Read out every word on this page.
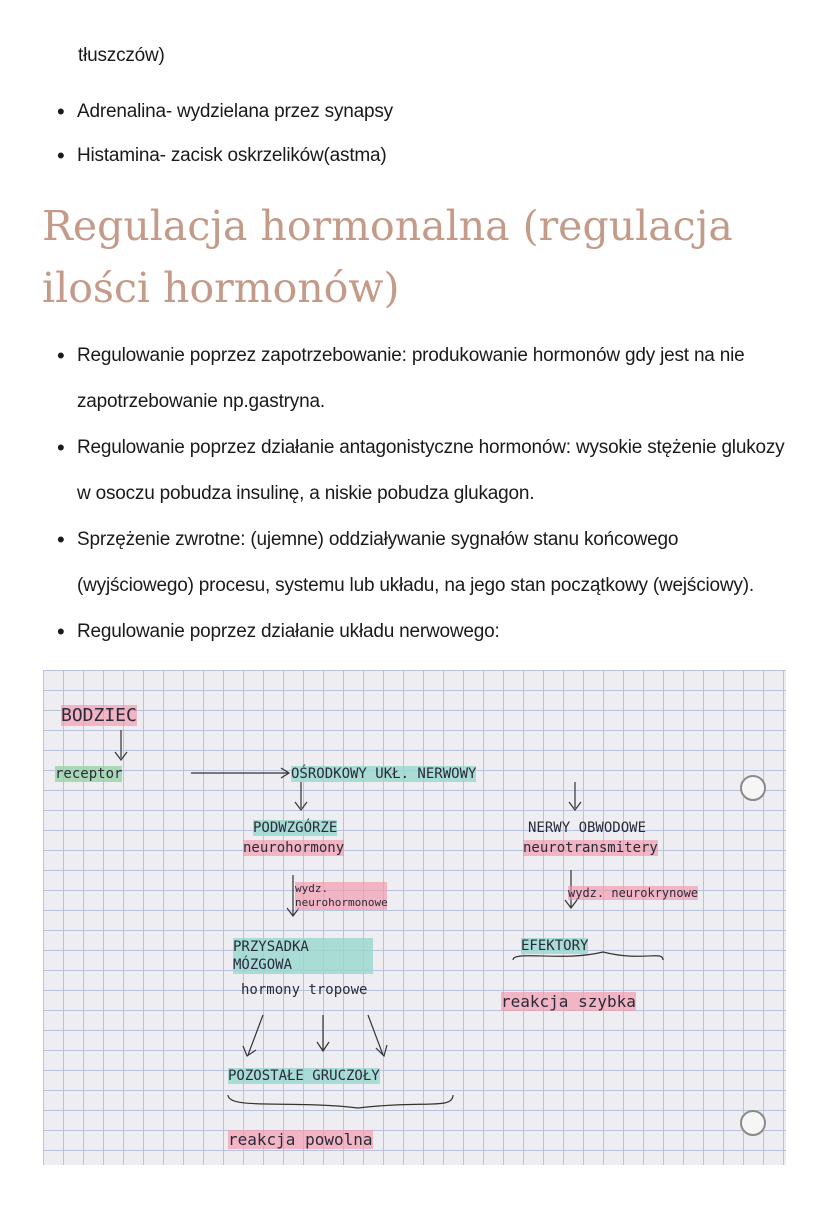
tłuszczów)
• Adrenalina- wydzielana przez synapsy
• Histamina- zacisk oskrzelików(astma)
Regulacja hormonalna (regulacja ilości hormonów)
• Regulowanie poprzez zapotrzebowanie: produkowanie hormonów gdy jest na nie zapotrzebowanie np.gastryna.
• Regulowanie poprzez działanie antagonistyczne hormonów: wysokie stężenie glukozy w osoczu pobudza insulinę, a niskie pobudza glukagon.
• Sprzężenie zwrotne: (ujemne) oddziaływanie sygnałów stanu końcowego (wyjściowego) procesu, systemu lub układu, na jego stan początkowy (wejściowy).
• Regulowanie poprzez działanie układu nerwowego:
BODZIEC
receptor	OŚRODKOWY UKŁ. NERWOWY
PODWZGÓRZE
neurohormony
wydz. neurohormonowe
PRZYSADKA MÓZGOWA
hormony tropowe
POZOSTAŁE GRUCZOŁY
reakcja powolna
NERWY OBWODOWE
neurotransmitery
wydz. neurokrynowe
EFEKTORY
reakcja szybka
